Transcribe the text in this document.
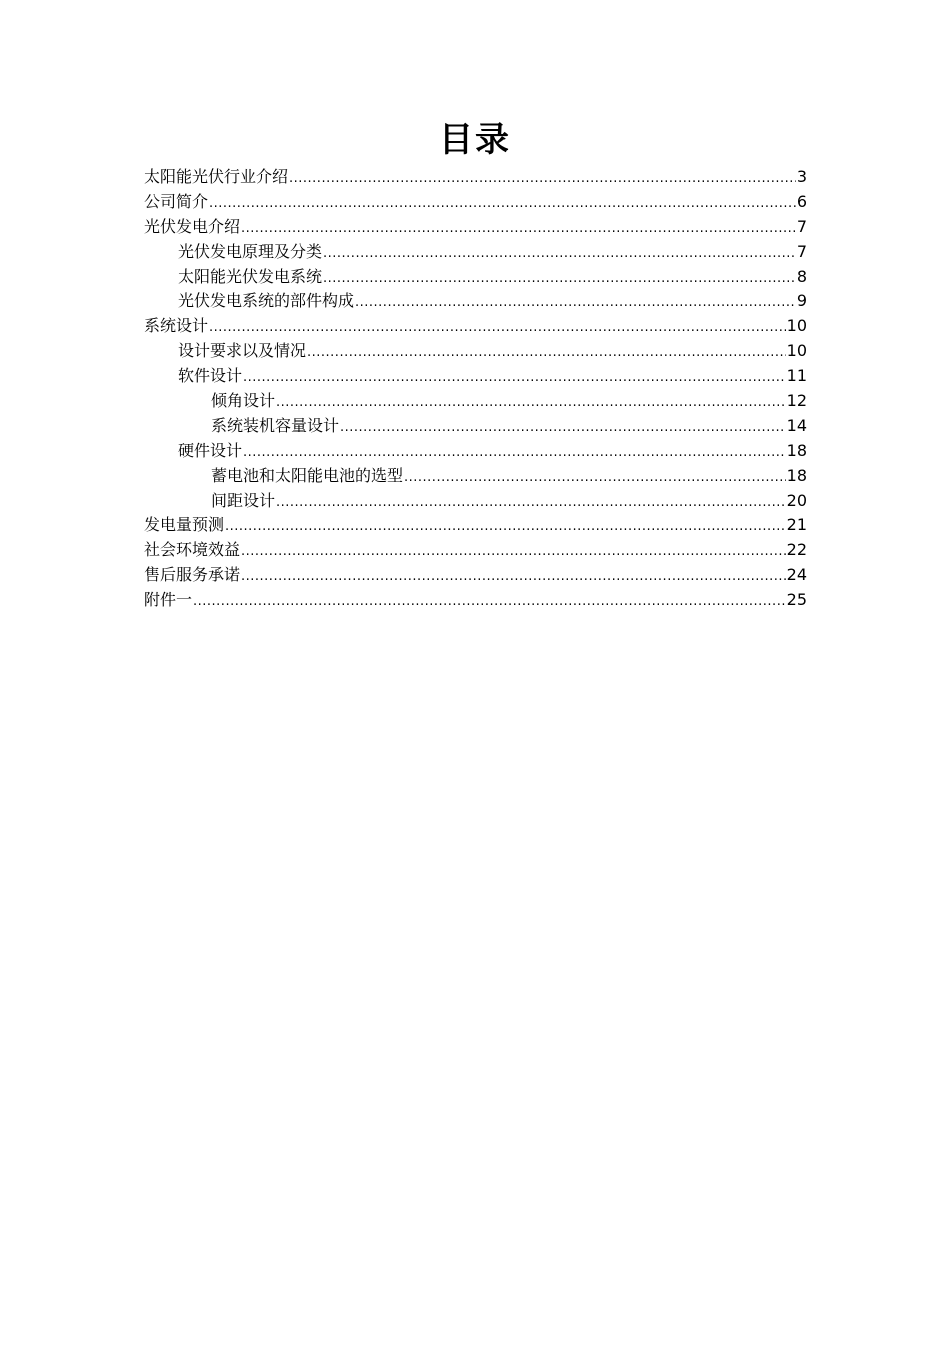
目录
太阳能光伏行业介绍 .....	3
公司简介 .....	6
光伏发电介绍 .....	7
光伏发电原理及分类 .....	7
太阳能光伏发电系统 .....	8
光伏发电系统的部件构成 .....	9
系统设计 .....	10
设计要求以及情况 .....	10
软件设计 .....	11
倾角设计 .....	12
系统装机容量设计 .....	14
硬件设计 .....	18
蓄电池和太阳能电池的选型 .....	18
间距设计 .....	20
发电量预测 .....	21
社会环境效益 .....	22
售后服务承诺 .....	24
附件一 .....	25
